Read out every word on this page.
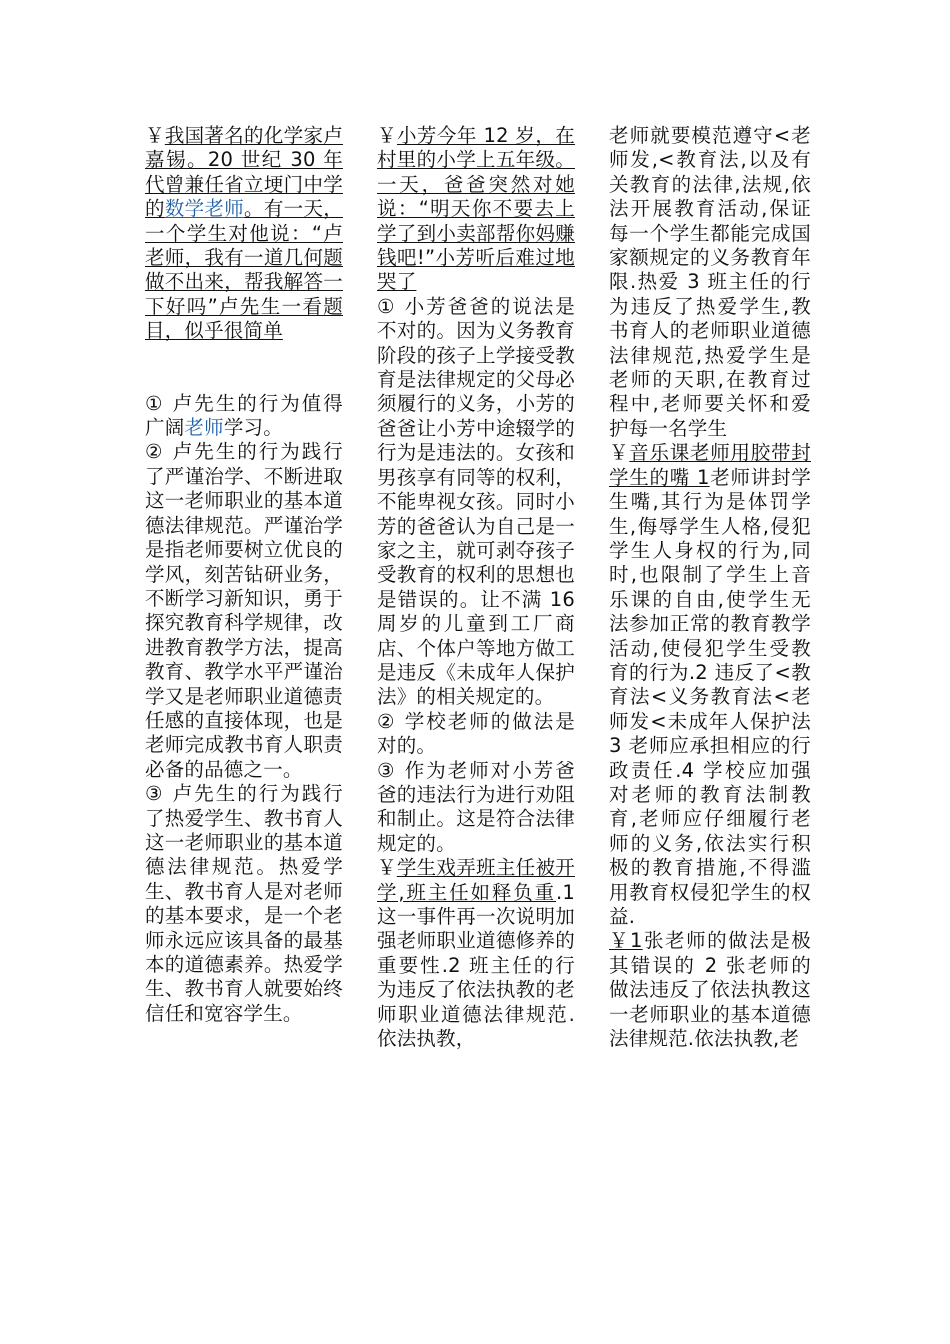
￥我国著名的化学家卢嘉锡。20 世纪 30 年代曾兼任省立埂门中学的数学老师。有一天，一个学生对他说：“卢老师，我有一道几何题做不出来，帮我解答一下好吗”卢先生一看题目，似乎很简单

① 卢先生的行为值得广阔老师学习。

② 卢先生的行为践行了严谨治学、不断进取这一老师职业的基本道德法律规范。严谨治学是指老师要树立优良的学风，刻苦钻研业务，不断学习新知识，勇于探究教育科学规律，改进教育教学方法，提高教育、教学水平严谨治学又是老师职业道德责任感的直接体现，也是老师完成教书育人职责必备的品德之一。

③ 卢先生的行为践行了热爱学生、教书育人这一老师职业的基本道德法律规范。热爱学生、教书育人是对老师的基本要求，是一个老师永远应该具备的最基本的道德素养。热爱学生、教书育人就要始终信任和宽容学生。

￥小芳今年 12 岁，在村里的小学上五年级。一天，爸爸突然对她说：“明天你不要去上学了到小卖部帮你妈赚钱吧!”小芳听后难过地哭了

① 小芳爸爸的说法是不对的。因为义务教育阶段的孩子上学接受教育是法律规定的父母必须履行的义务，小芳的爸爸让小芳中途辍学的行为是违法的。女孩和男孩享有同等的权利，不能卑视女孩。同时小芳的爸爸认为自己是一家之主，就可剥夺孩子受教育的权利的思想也是错误的。让不满 16 周岁的儿童到工厂商店、个体户等地方做工是违反《未成年人保护法》的相关规定的。

② 学校老师的做法是对的。

③ 作为老师对小芳爸爸的违法行为进行劝阻和制止。这是符合法律规定的。

￥学生戏弄班主任被开学,班主任如释负重.1 这一事件再一次说明加强老师职业道德修养的重要性.2 班主任的行为违反了依法执教的老师职业道德法律规范.依法执教，

老师就要模范遵守<老师发,<教育法,以及有关教育的法律,法规,依法开展教育活动,保证每一个学生都能完成国家额规定的义务教育年限.热爱 3 班主任的行为违反了热爱学生,教书育人的老师职业道德法律规范,热爱学生是老师的天职,在教育过程中,老师要关怀和爱护每一名学生

￥音乐课老师用胶带封学生的嘴 1老师讲封学生嘴,其行为是体罚学生,侮辱学生人格,侵犯学生人身权的行为,同时,也限制了学生上音乐课的自由,使学生无法参加正常的教育教学活动,使侵犯学生受教育的行为.2 违反了<教育法<义务教育法<老师发<未成年人保护法 3 老师应承担相应的行政责任.4 学校应加强对老师的教育法制教育,老师应仔细履行老师的义务,依法实行积极的教育措施,不得滥用教育权侵犯学生的权益.

￥1张老师的做法是极其错误的 2 张老师的做法违反了依法执教这一老师职业的基本道德法律规范.依法执教,老
